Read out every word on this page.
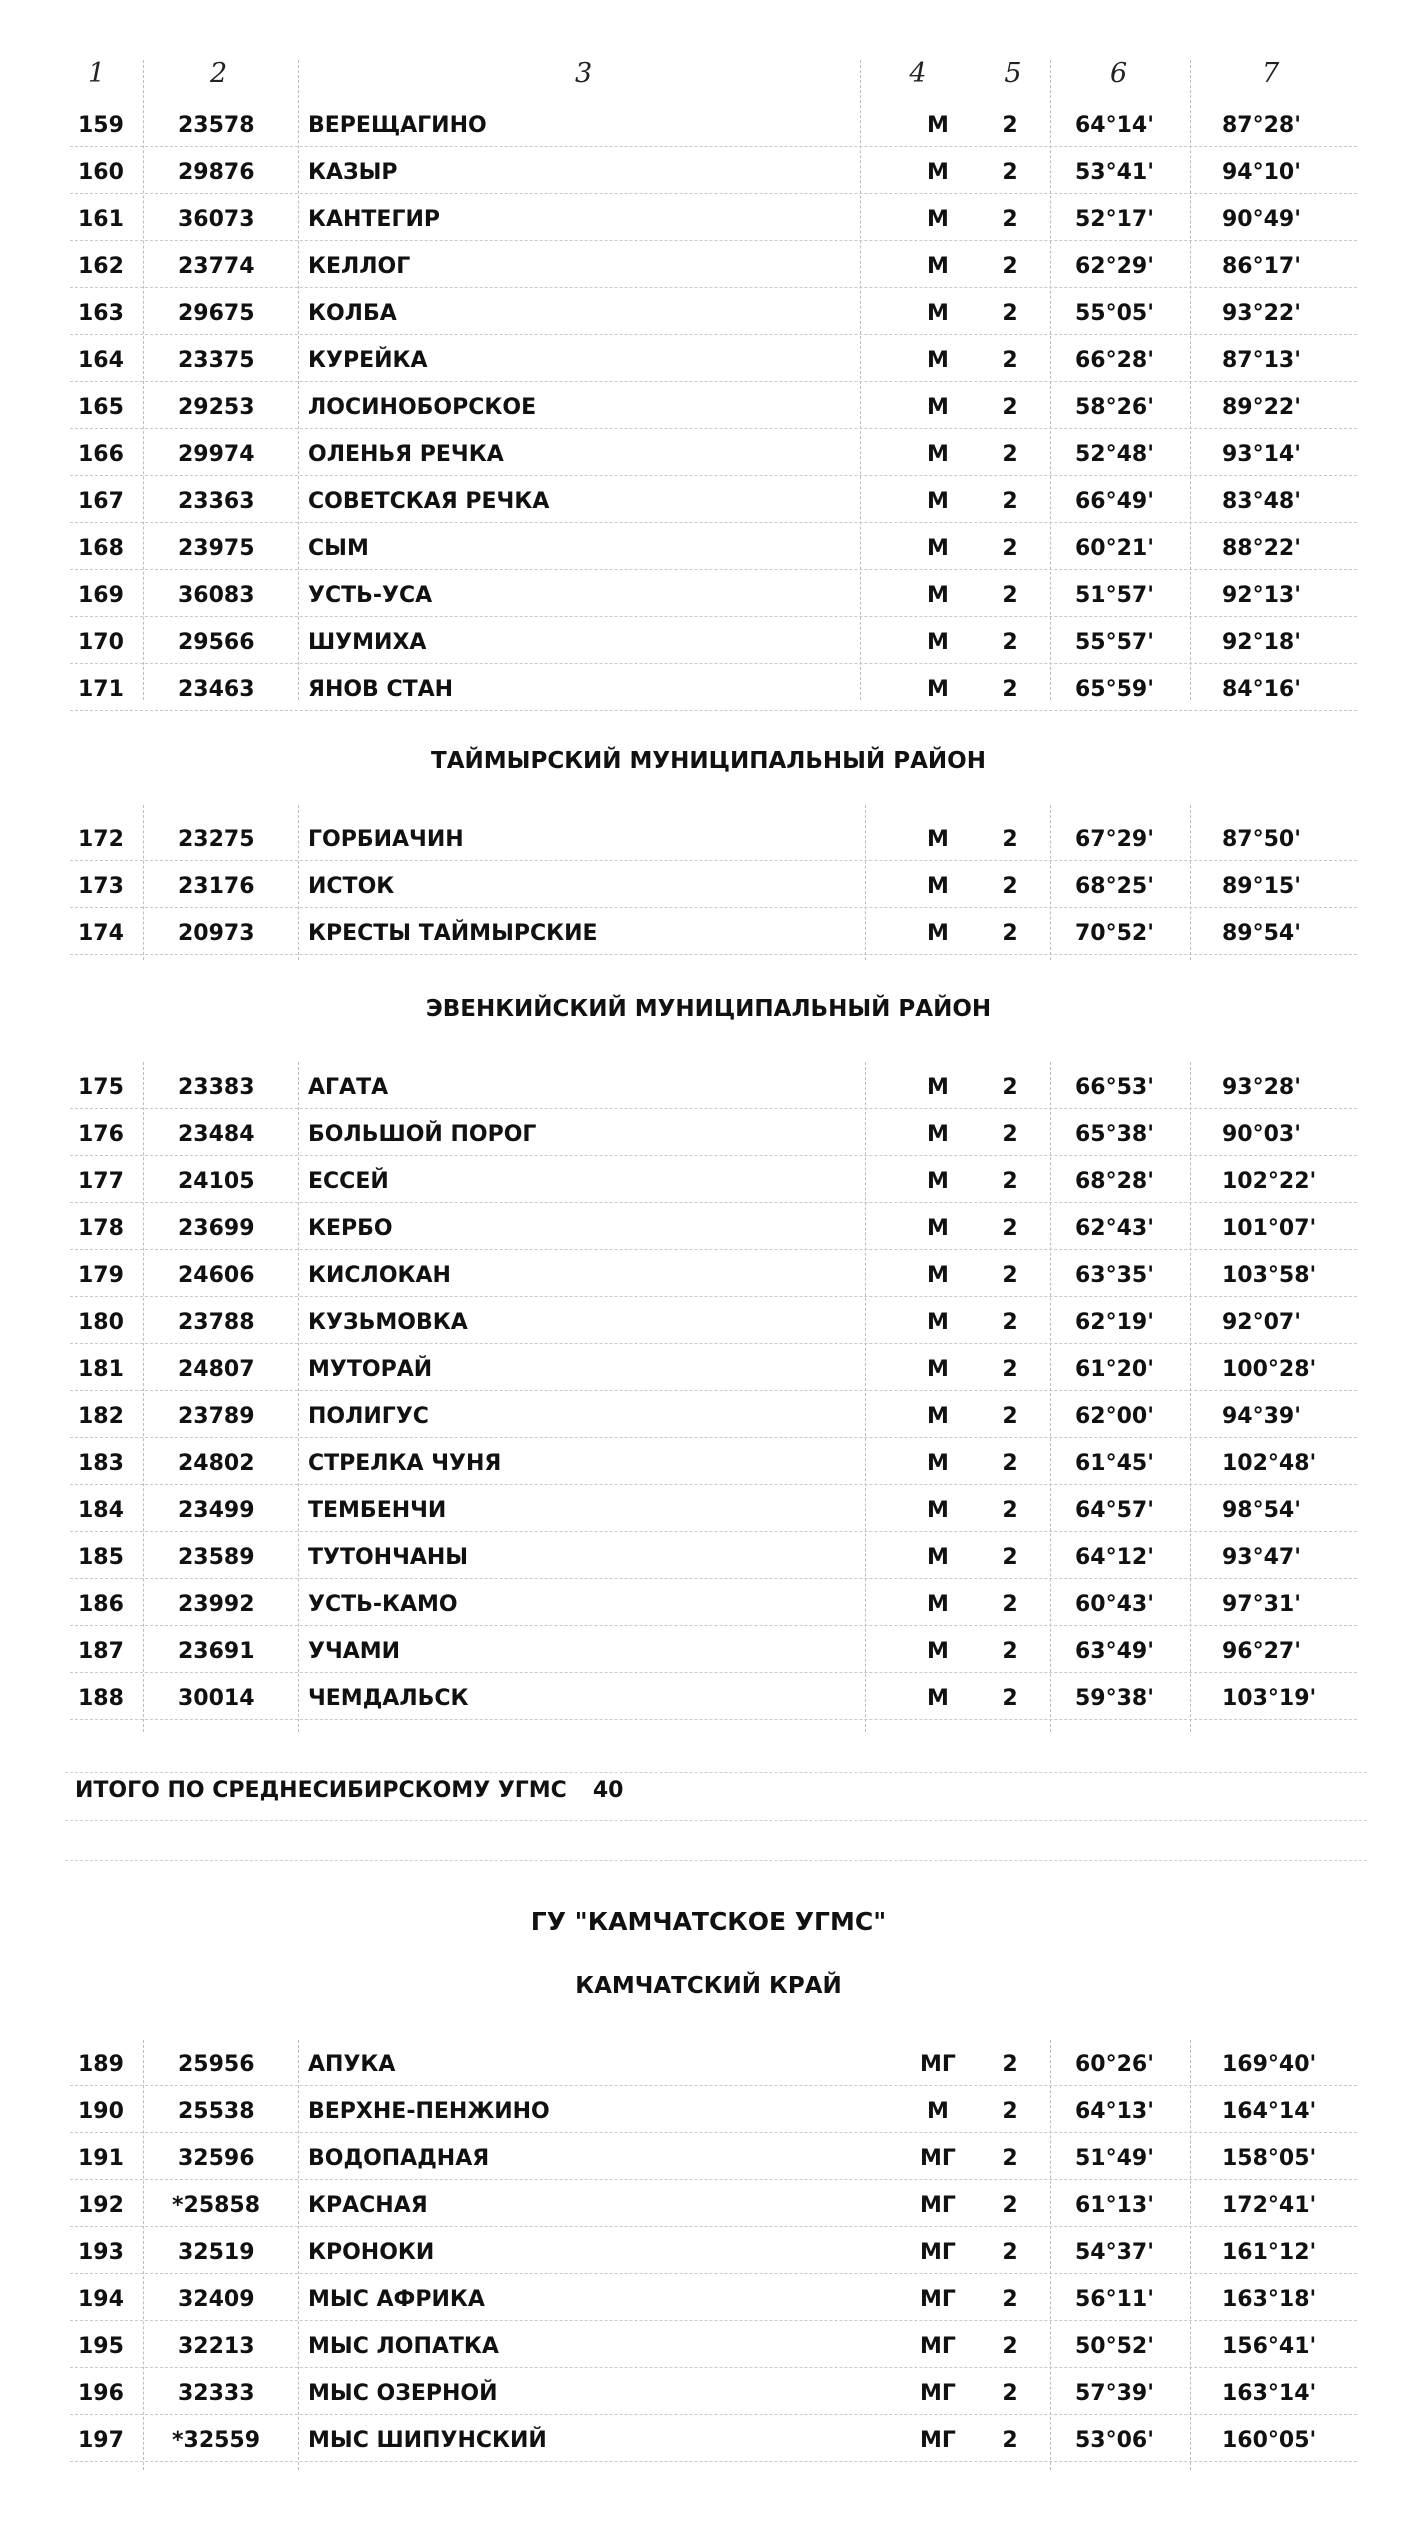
1	2	3	4	5	6	7
159 23578 ВЕРЕЩАГИНО	М	2	64°14'	87°28'
160 29876 КАЗЫР	М	2	53°41'	94°10'
161 36073 КАНТЕГИР	М	2	52°17'	90°49'
162 23774 КЕЛЛОГ	М	2	62°29'	86°17'
163 29675 КОЛБА	М	2	55°05'	93°22'
164 23375 КУРЕЙКА	М	2	66°28'	87°13'
165 29253 ЛОСИНОБОРСКОЕ	М	2	58°26'	89°22'
166 29974 ОЛЕНЬЯ РЕЧКА	М	2	52°48'	93°14'
167 23363 СОВЕТСКАЯ РЕЧКА	М	2	66°49'	83°48'
168 23975 СЫМ	М	2	60°21'	88°22'
169 36083 УСТЬ-УСА	М	2	51°57'	92°13'
170 29566 ШУМИХА	М	2	55°57'	92°18'
171 23463 ЯНОВ СТАН	М	2	65°59'	84°16'
ТАЙМЫРСКИЙ МУНИЦИПАЛЬНЫЙ РАЙОН
172 23275 ГОРБИАЧИН	М	2	67°29'	87°50'
173 23176 ИСТОК	М	2	68°25'	89°15'
174 20973 КРЕСТЫ ТАЙМЫРСКИЕ	М	2	70°52'	89°54'
ЭВЕНКИЙСКИЙ МУНИЦИПАЛЬНЫЙ РАЙОН
175 23383 АГАТА	М	2	66°53'	93°28'
176 23484 БОЛЬШОЙ ПОРОГ	М	2	65°38'	90°03'
177 24105 ЕССЕЙ	М	2	68°28'	102°22'
178 23699 КЕРБО	М	2	62°43'	101°07'
179 24606 КИСЛОКАН	М	2	63°35'	103°58'
180 23788 КУЗЬМОВКА	М	2	62°19'	92°07'
181 24807 МУТОРАЙ	М	2	61°20'	100°28'
182 23789 ПОЛИГУС	М	2	62°00'	94°39'
183 24802 СТРЕЛКА ЧУНЯ	М	2	61°45'	102°48'
184 23499 ТЕМБЕНЧИ	М	2	64°57'	98°54'
185 23589 ТУТОНЧАНЫ	М	2	64°12'	93°47'
186 23992 УСТЬ-КАМО	М	2	60°43'	97°31'
187 23691 УЧАМИ	М	2	63°49'	96°27'
188 30014 ЧЕМДАЛЬСК	М	2	59°38'	103°19'
ИТОГО ПО СРЕДНЕСИБИРСКОМУ УГМС 40
ГУ "КАМЧАТСКОЕ УГМС"
КАМЧАТСКИЙ КРАЙ
189 25956 АПУКА	МГ	2	60°26'	169°40'
190 25538 ВЕРХНЕ-ПЕНЖИНО	М	2	64°13'	164°14'
191 32596 ВОДОПАДНАЯ	МГ	2	51°49'	158°05'
192 *25858 КРАСНАЯ	МГ	2	61°13'	172°41'
193 32519 КРОНОКИ	МГ	2	54°37'	161°12'
194 32409 МЫС АФРИКА	МГ	2	56°11'	163°18'
195 32213 МЫС ЛОПАТКА	МГ	2	50°52'	156°41'
196 32333 МЫС ОЗЕРНОЙ	МГ	2	57°39'	163°14'
197 *32559 МЫС ШИПУНСКИЙ	МГ	2	53°06'	160°05'
